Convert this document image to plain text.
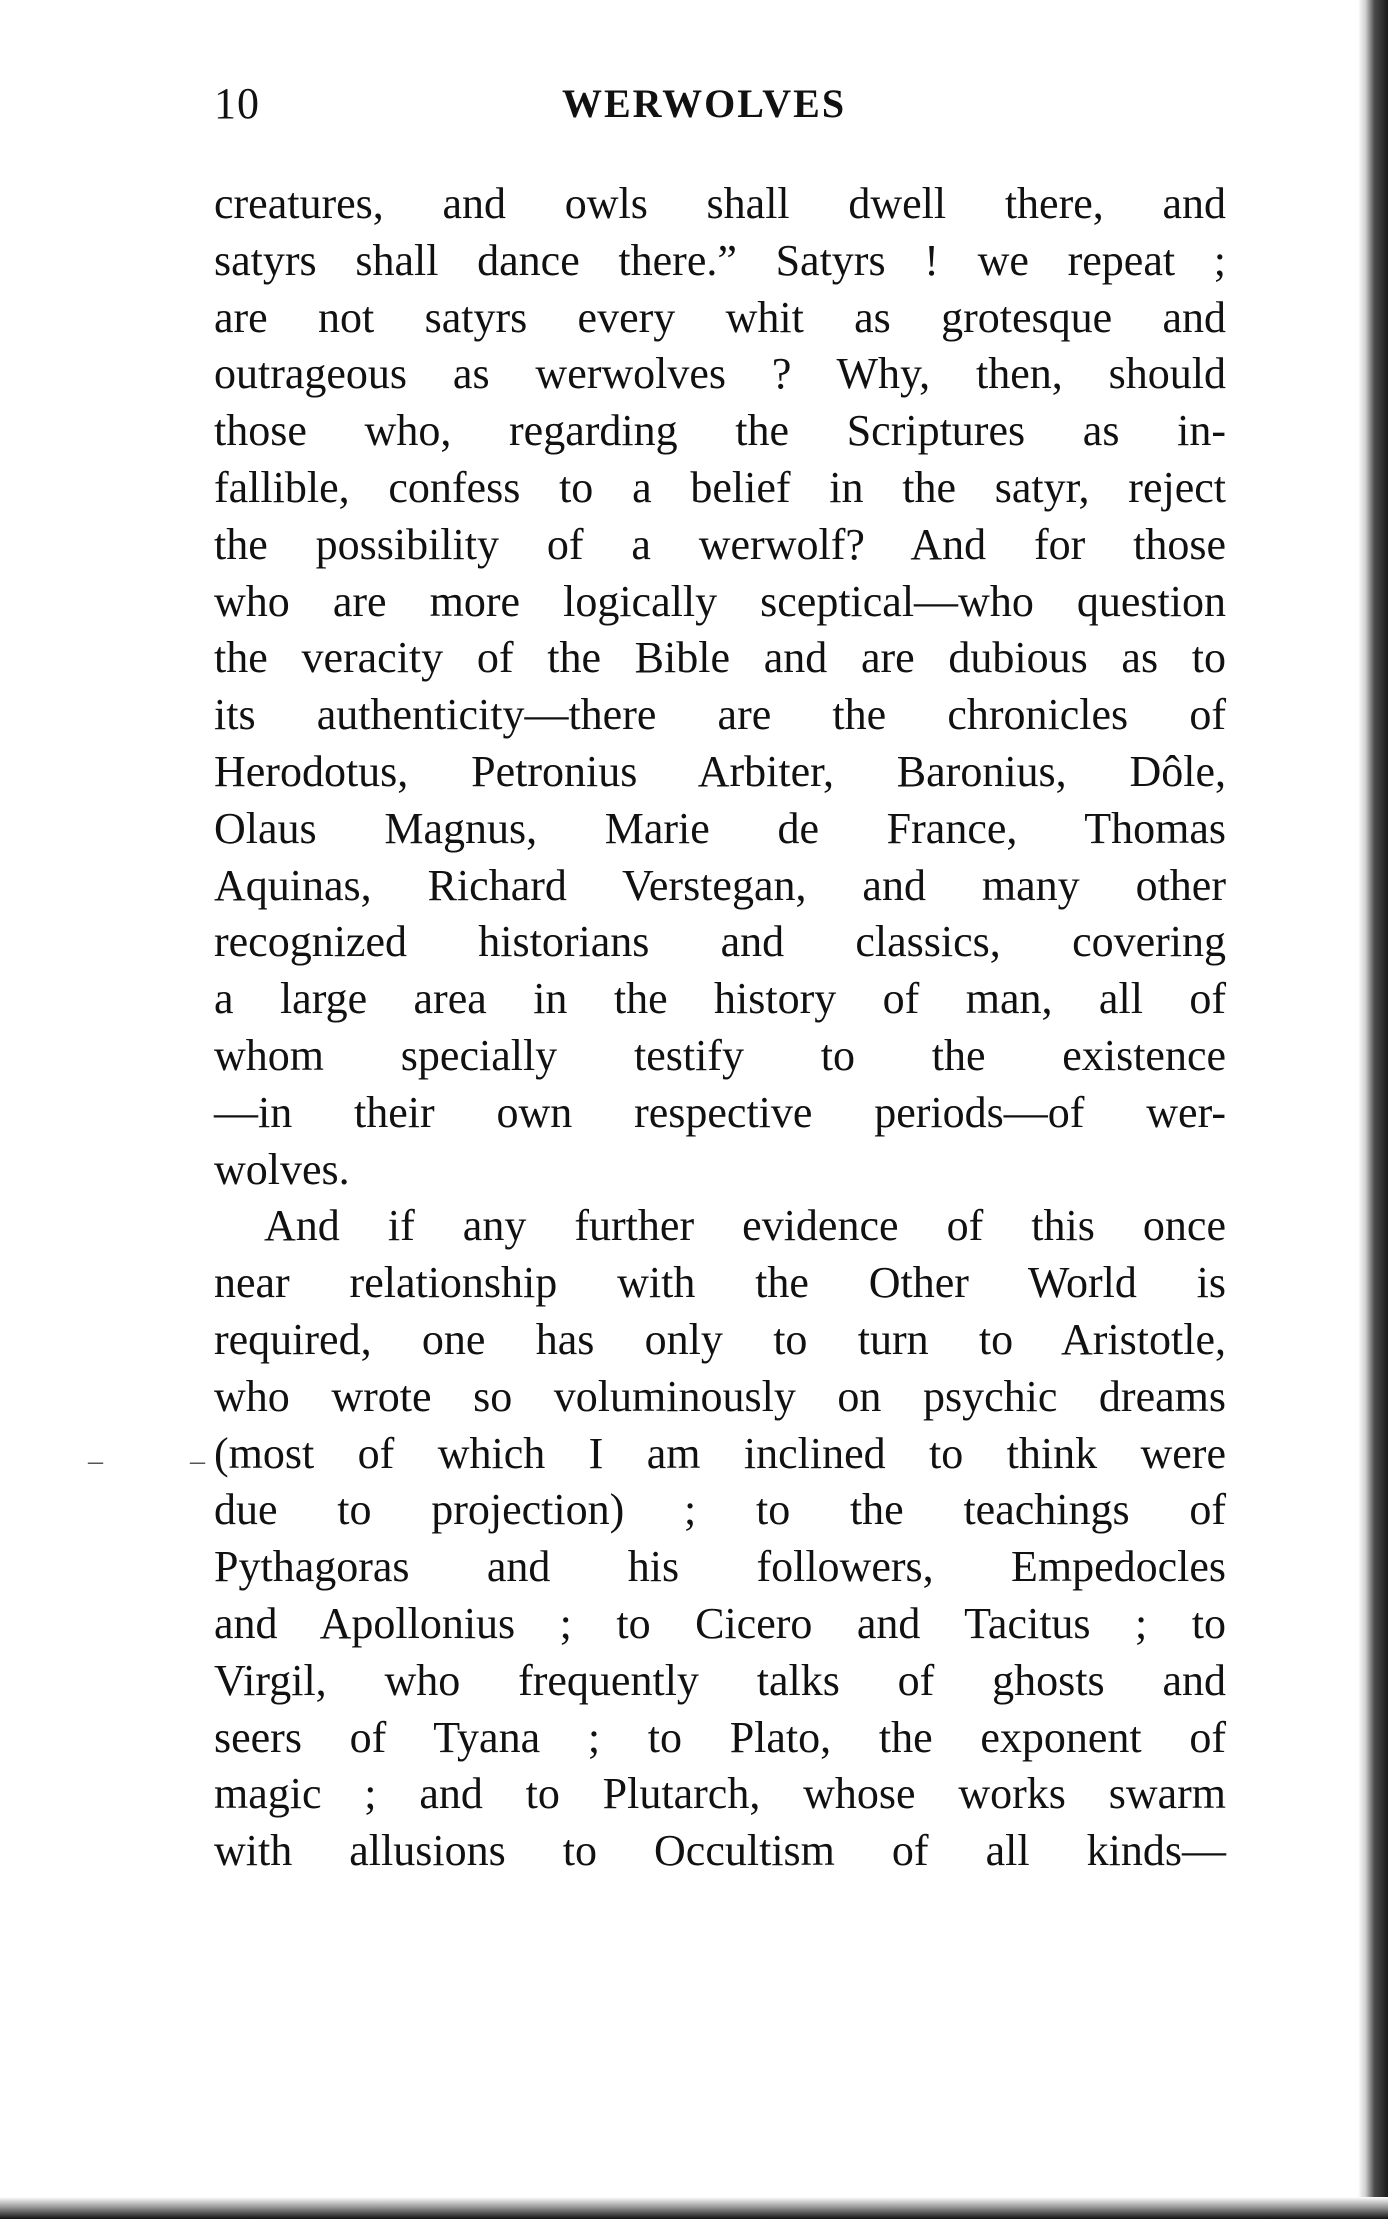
10	WERWOLVES
creatures, and owls shall dwell there, and
satyrs shall dance there.” Satyrs ! we repeat ;
are not satyrs every whit as grotesque and
outrageous as werwolves ? Why, then, should
those who, regarding the Scriptures as in-
fallible, confess to a belief in the satyr, reject
the possibility of a werwolf? And for those
who are more logically sceptical—who question
the veracity of the Bible and are dubious as to
its authenticity—there are the chronicles of
Herodotus, Petronius Arbiter, Baronius, Dôle,
Olaus Magnus, Marie de France, Thomas
Aquinas, Richard Verstegan, and many other
recognized historians and classics, covering
a large area in the history of man, all of
whom specially testify to the existence
—in their own respective periods—of wer-
wolves.
And if any further evidence of this once
near relationship with the Other World is
required, one has only to turn to Aristotle,
who wrote so voluminously on psychic dreams
(most of which I am inclined to think were
due to projection) ; to the teachings of
Pythagoras and his followers, Empedocles
and Apollonius ; to Cicero and Tacitus ; to
Virgil, who frequently talks of ghosts and
seers of Tyana ; to Plato, the exponent of
magic ; and to Plutarch, whose works swarm
with allusions to Occultism of all kinds—
–	–
